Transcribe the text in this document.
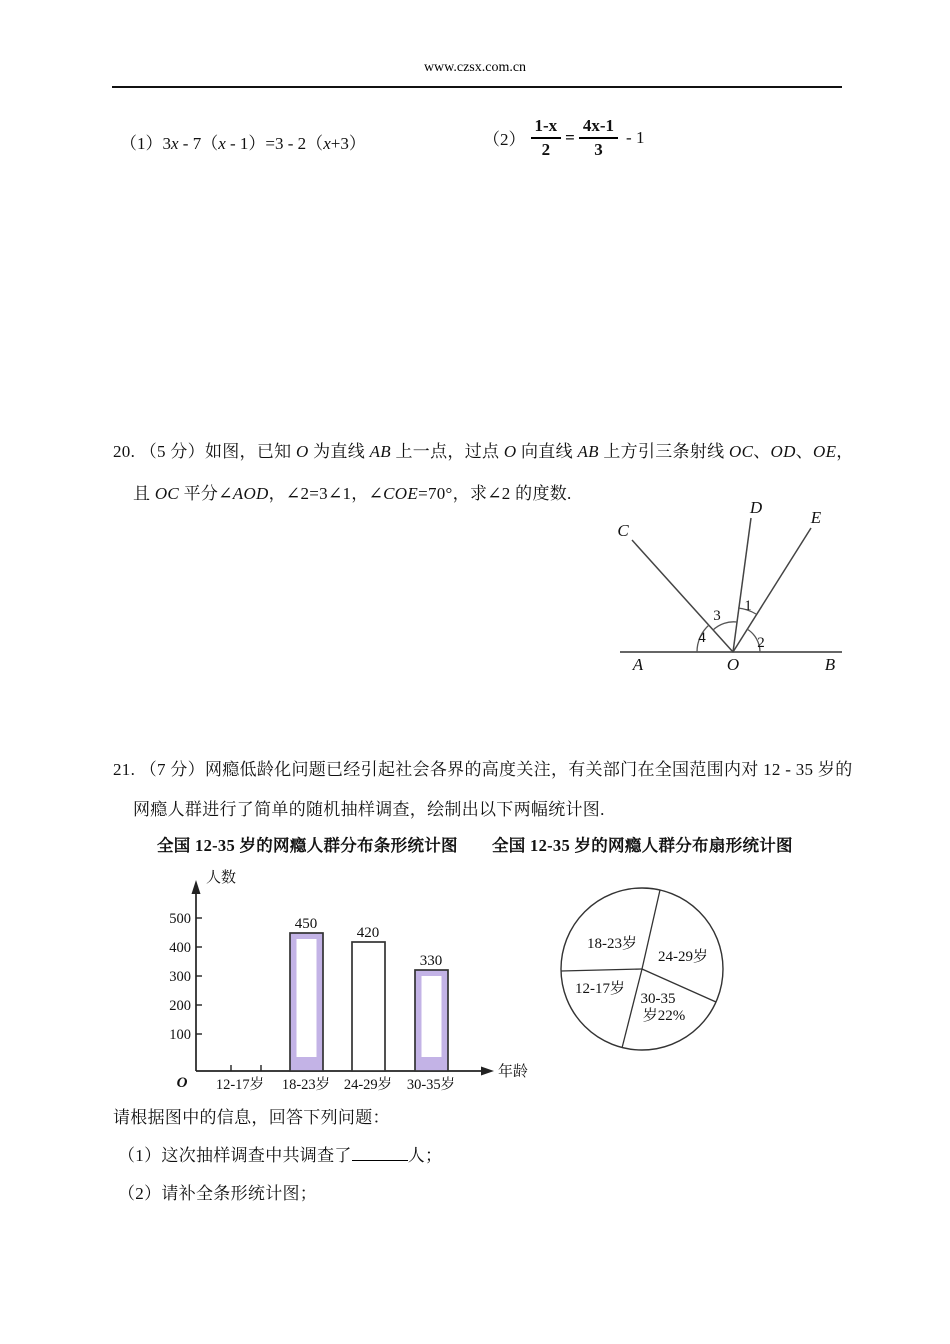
www.czsx.com.cn
（1）3x - 7（x - 1）=3 - 2（x+3）	$(2) \frac{1-x}{2} = \frac{4x-1}{3} - 1$
20. （5 分）如图，已知 O 为直线 AB 上一点，过点 O 向直线 AB 上方引三条射线 OC、OD、OE，
且 OC 平分∠AOD，∠2=3∠1，∠COE=70°，求∠2 的度数.
C
D
E
A	B
O
4
3
1
2
21. （7 分）网瘾低龄化问题已经引起社会各界的高度关注，有关部门在全国范围内对 12 - 35 岁的
网瘾人群进行了简单的随机抽样调查，绘制出以下两幅统计图.
全国 12-35 岁的网瘾人群分布条形统计图 全国 12-35 岁的网瘾人群分布扇形统计图
500
400
300
200
100
450
420
330
人数
年龄
O 12-17岁 18-23岁 24-29岁 30-35岁
18-23岁
24-29岁
12-17岁
30-35
岁22%
请根据图中的信息，回答下列问题：
（1）这次抽样调查中共调查了	人；
（2）请补全条形统计图；
